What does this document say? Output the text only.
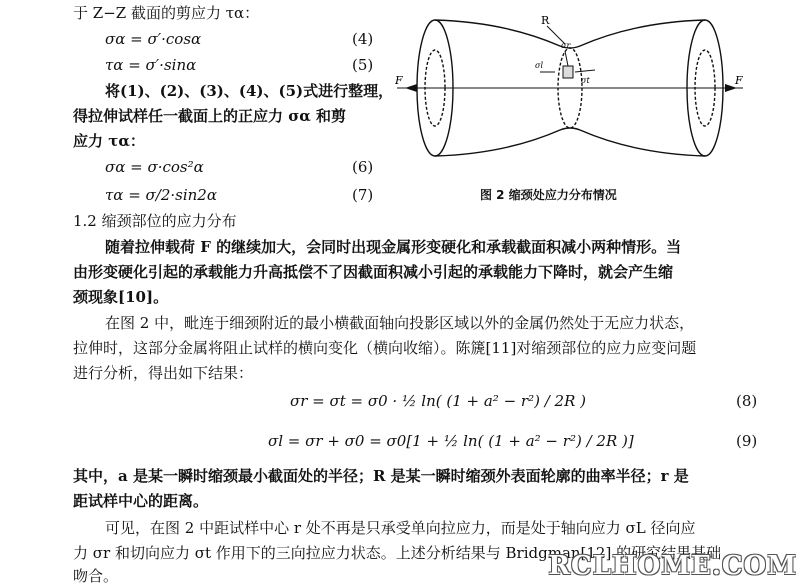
于 Z−Z 截面的剪应力 τα：
σα = σ′·cosα	(4)
τα = σ′·sinα	(5)
将(1)、(2)、(3)、(4)、(5)式进行整理，
得拉伸试样任一截面上的正应力 σα 和剪
应力 τα：
σα = σ·cos²α	(6)
τα = σ/2·sin2α	(7)
R
F	F
σr
σt
σl
图 2 缩颈处应力分布情况
1.2 缩颈部位的应力分布
随着拉伸载荷 F 的继续加大，会同时出现金属形变硬化和承载截面积减小两种情形。当
由形变硬化引起的承载能力升高抵偿不了因截面积减小引起的承载能力下降时，就会产生缩
颈现象[10]。
在图 2 中，毗连于细颈附近的最小横截面轴向投影区域以外的金属仍然处于无应力状态，
拉伸时，这部分金属将阻止试样的横向变化（横向收缩）。陈篪[11]对缩颈部位的应力应变问题
进行分析，得出如下结果：
σr = σt = σ0 · ½ ln( (1 + a² − r²) / 2R )	(8)
σl = σr + σ0 = σ0[1 + ½ ln( (1 + a² − r²) / 2R )]	(9)
其中，a 是某一瞬时缩颈最小截面处的半径；R 是某一瞬时缩颈外表面轮廓的曲率半径；r 是
距试样中心的距离。
可见，在图 2 中距试样中心 r 处不再是只承受单向拉应力，而是处于轴向应力 σL 径向应
力 σr 和切向应力 σt 作用下的三向拉应力状态。上述分析结果与 Bridgman[12] 的研究结果基础
吻合。	RCLHOME.COM
